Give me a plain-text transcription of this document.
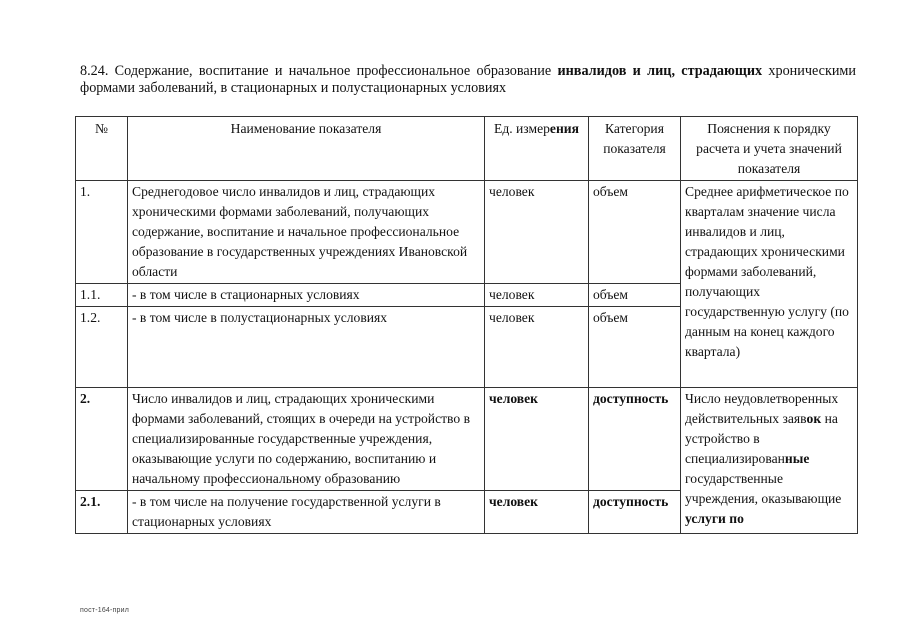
8.24. Содержание, воспитание и начальное профессиональное образование инвалидов и лиц, страдающих хроническими формами заболеваний, в стационарных и полустационарных условиях
№	Наименование показателя	Ед. измерения	Категория показателя	Пояснения к порядку расчета и учета значений показателя
1.	Среднегодовое число инвалидов и лиц, страдающих хроническими формами заболеваний, получающих содержание, воспитание и начальное профессиональное образование в государственных учреждениях Ивановской области	человек	объем	Среднее арифметическое по кварталам значение числа инвалидов и лиц, страдающих хроническими формами заболеваний, получающих государственную услугу (по данным на конец каждого квартала)
1.1.	- в том числе в стационарных условиях	человек	объем	
1.2.	- в том числе в полустационарных условиях	человек	объем	
2.	Число инвалидов и лиц, страдающих хроническими формами заболеваний, стоящих в очереди на устройство в специализированные государственные учреждения, оказывающие услуги по содержанию, воспитанию и начальному профессиональному образованию	человек	доступность	Число неудовлетворенных действительных заявок на устройство в специализированные государственные учреждения, оказывающие услуги по
2.1.	- в том числе на получение государственной услуги в стационарных условиях	человек	доступность	
пост-164-прил
